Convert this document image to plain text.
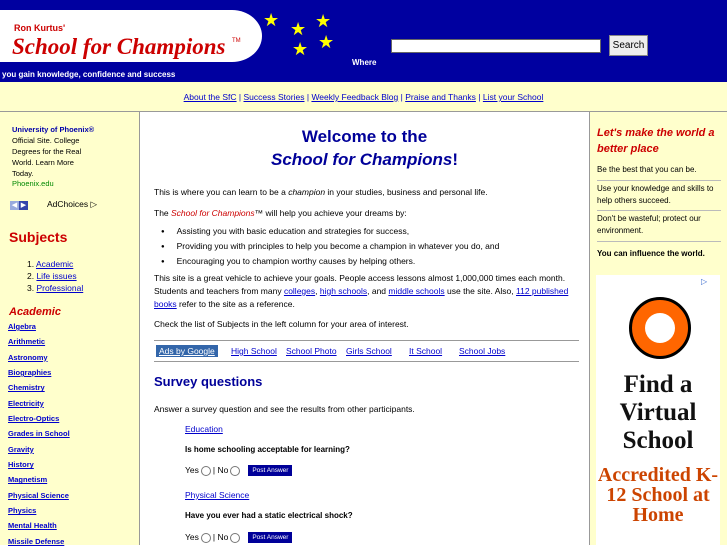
Ron Kurtus'
School for Champions TM
★ ★ ★
★ ★
Where
Search
you gain knowledge, confidence and success
About the SfC | Success Stories | Weekly Feedback Blog | Praise and Thanks | List your School
University of Phoenix®
Official Site. College
Degrees for the Real
World. Learn More
Today.
Phoenix.edu
◀ ▶ AdChoices ▷
Subjects
1. Academic
2. Life issues
3. Professional
Academic
Algebra
Arithmetic
Astronomy
Biographies
Chemistry
Electricity
Electro-Optics
Grades in School
Gravity
History
Magnetism
Physical Science
Physics
Mental Health
Missile Defense
Welcome to the
School for Champions!
This is where you can learn to be a champion in your studies, business and personal life.
The School for Champions™ will help you achieve your dreams by:
● Assisting you with basic education and strategies for success,
● Providing you with principles to help you become a champion in whatever you do, and
● Encouraging you to champion worthy causes by helping others.
This site is a great vehicle to achieve your goals. People access lessons almost 1,000,000 times each month.
Students and teachers from many colleges, high schools, and middle schools use the site. Also, 112 published
books refer to the site as a reference.
Check the list of Subjects in the left column for your area of interest.
Ads by Google	High School School Photo Girls School It School School Jobs
Survey questions
Answer a survey question and see the results from other participants.
Education
Is home schooling acceptable for learning?
Yes | No	Post Answer
Physical Science
Have you ever had a static electrical shock?
Yes | No	Post Answer
Let's make the world a better place
Be the best that you can be.
Use your knowledge and skills to help others succeed.
Don't be wasteful; protect our environment.
You can influence the world.
▷
Find a Virtual School
Accredited K-12 School at Home
